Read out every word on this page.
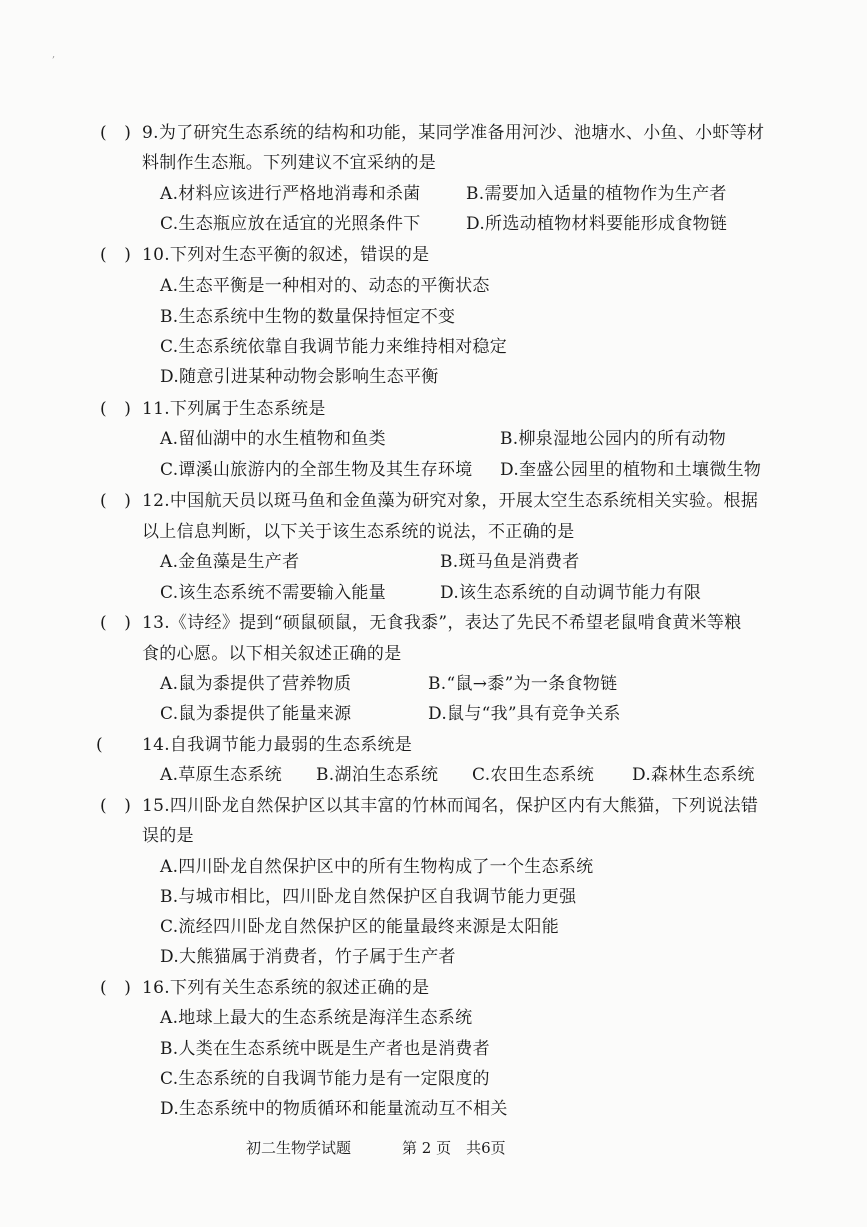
,
(　) 9.为了研究生态系统的结构和功能，某同学准备用河沙、池塘水、小鱼、小虾等材
料制作生态瓶。下列建议不宜采纳的是
A.材料应该进行严格地消毒和杀菌	B.需要加入适量的植物作为生产者
C.生态瓶应放在适宜的光照条件下	D.所选动植物材料要能形成食物链
(　) 10.下列对生态平衡的叙述，错误的是
A.生态平衡是一种相对的、动态的平衡状态
B.生态系统中生物的数量保持恒定不变
C.生态系统依靠自我调节能力来维持相对稳定
D.随意引进某种动物会影响生态平衡
(　) 11.下列属于生态系统是
A.留仙湖中的水生植物和鱼类	B.柳泉湿地公园内的所有动物
C.谭溪山旅游内的全部生物及其生存环境 D.奎盛公园里的植物和土壤微生物
(　) 12.中国航天员以斑马鱼和金鱼藻为研究对象，开展太空生态系统相关实验。根据
以上信息判断，以下关于该生态系统的说法，不正确的是
A.金鱼藻是生产者	B.斑马鱼是消费者
C.该生态系统不需要输入能量	D.该生态系统的自动调节能力有限
(　) 13.《诗经》提到“硕鼠硕鼠，无食我黍”，表达了先民不希望老鼠啃食黄米等粮
食的心愿。以下相关叙述正确的是
A.鼠为黍提供了营养物质	B.“鼠→黍”为一条食物链
C.鼠为黍提供了能量来源	D.鼠与“我”具有竞争关系
( 14.自我调节能力最弱的生态系统是
A.草原生态系统 B.湖泊生态系统 C.农田生态系统 D.森林生态系统
(　) 15.四川卧龙自然保护区以其丰富的竹林而闻名，保护区内有大熊猫，下列说法错
误的是
A.四川卧龙自然保护区中的所有生物构成了一个生态系统
B.与城市相比，四川卧龙自然保护区自我调节能力更强
C.流经四川卧龙自然保护区的能量最终来源是太阳能
D.大熊猫属于消费者，竹子属于生产者
(　) 16.下列有关生态系统的叙述正确的是
A.地球上最大的生态系统是海洋生态系统
B.人类在生态系统中既是生产者也是消费者
C.生态系统的自我调节能力是有一定限度的
D.生态系统中的物质循环和能量流动互不相关
初二生物学试题	第 2 页　共6页
